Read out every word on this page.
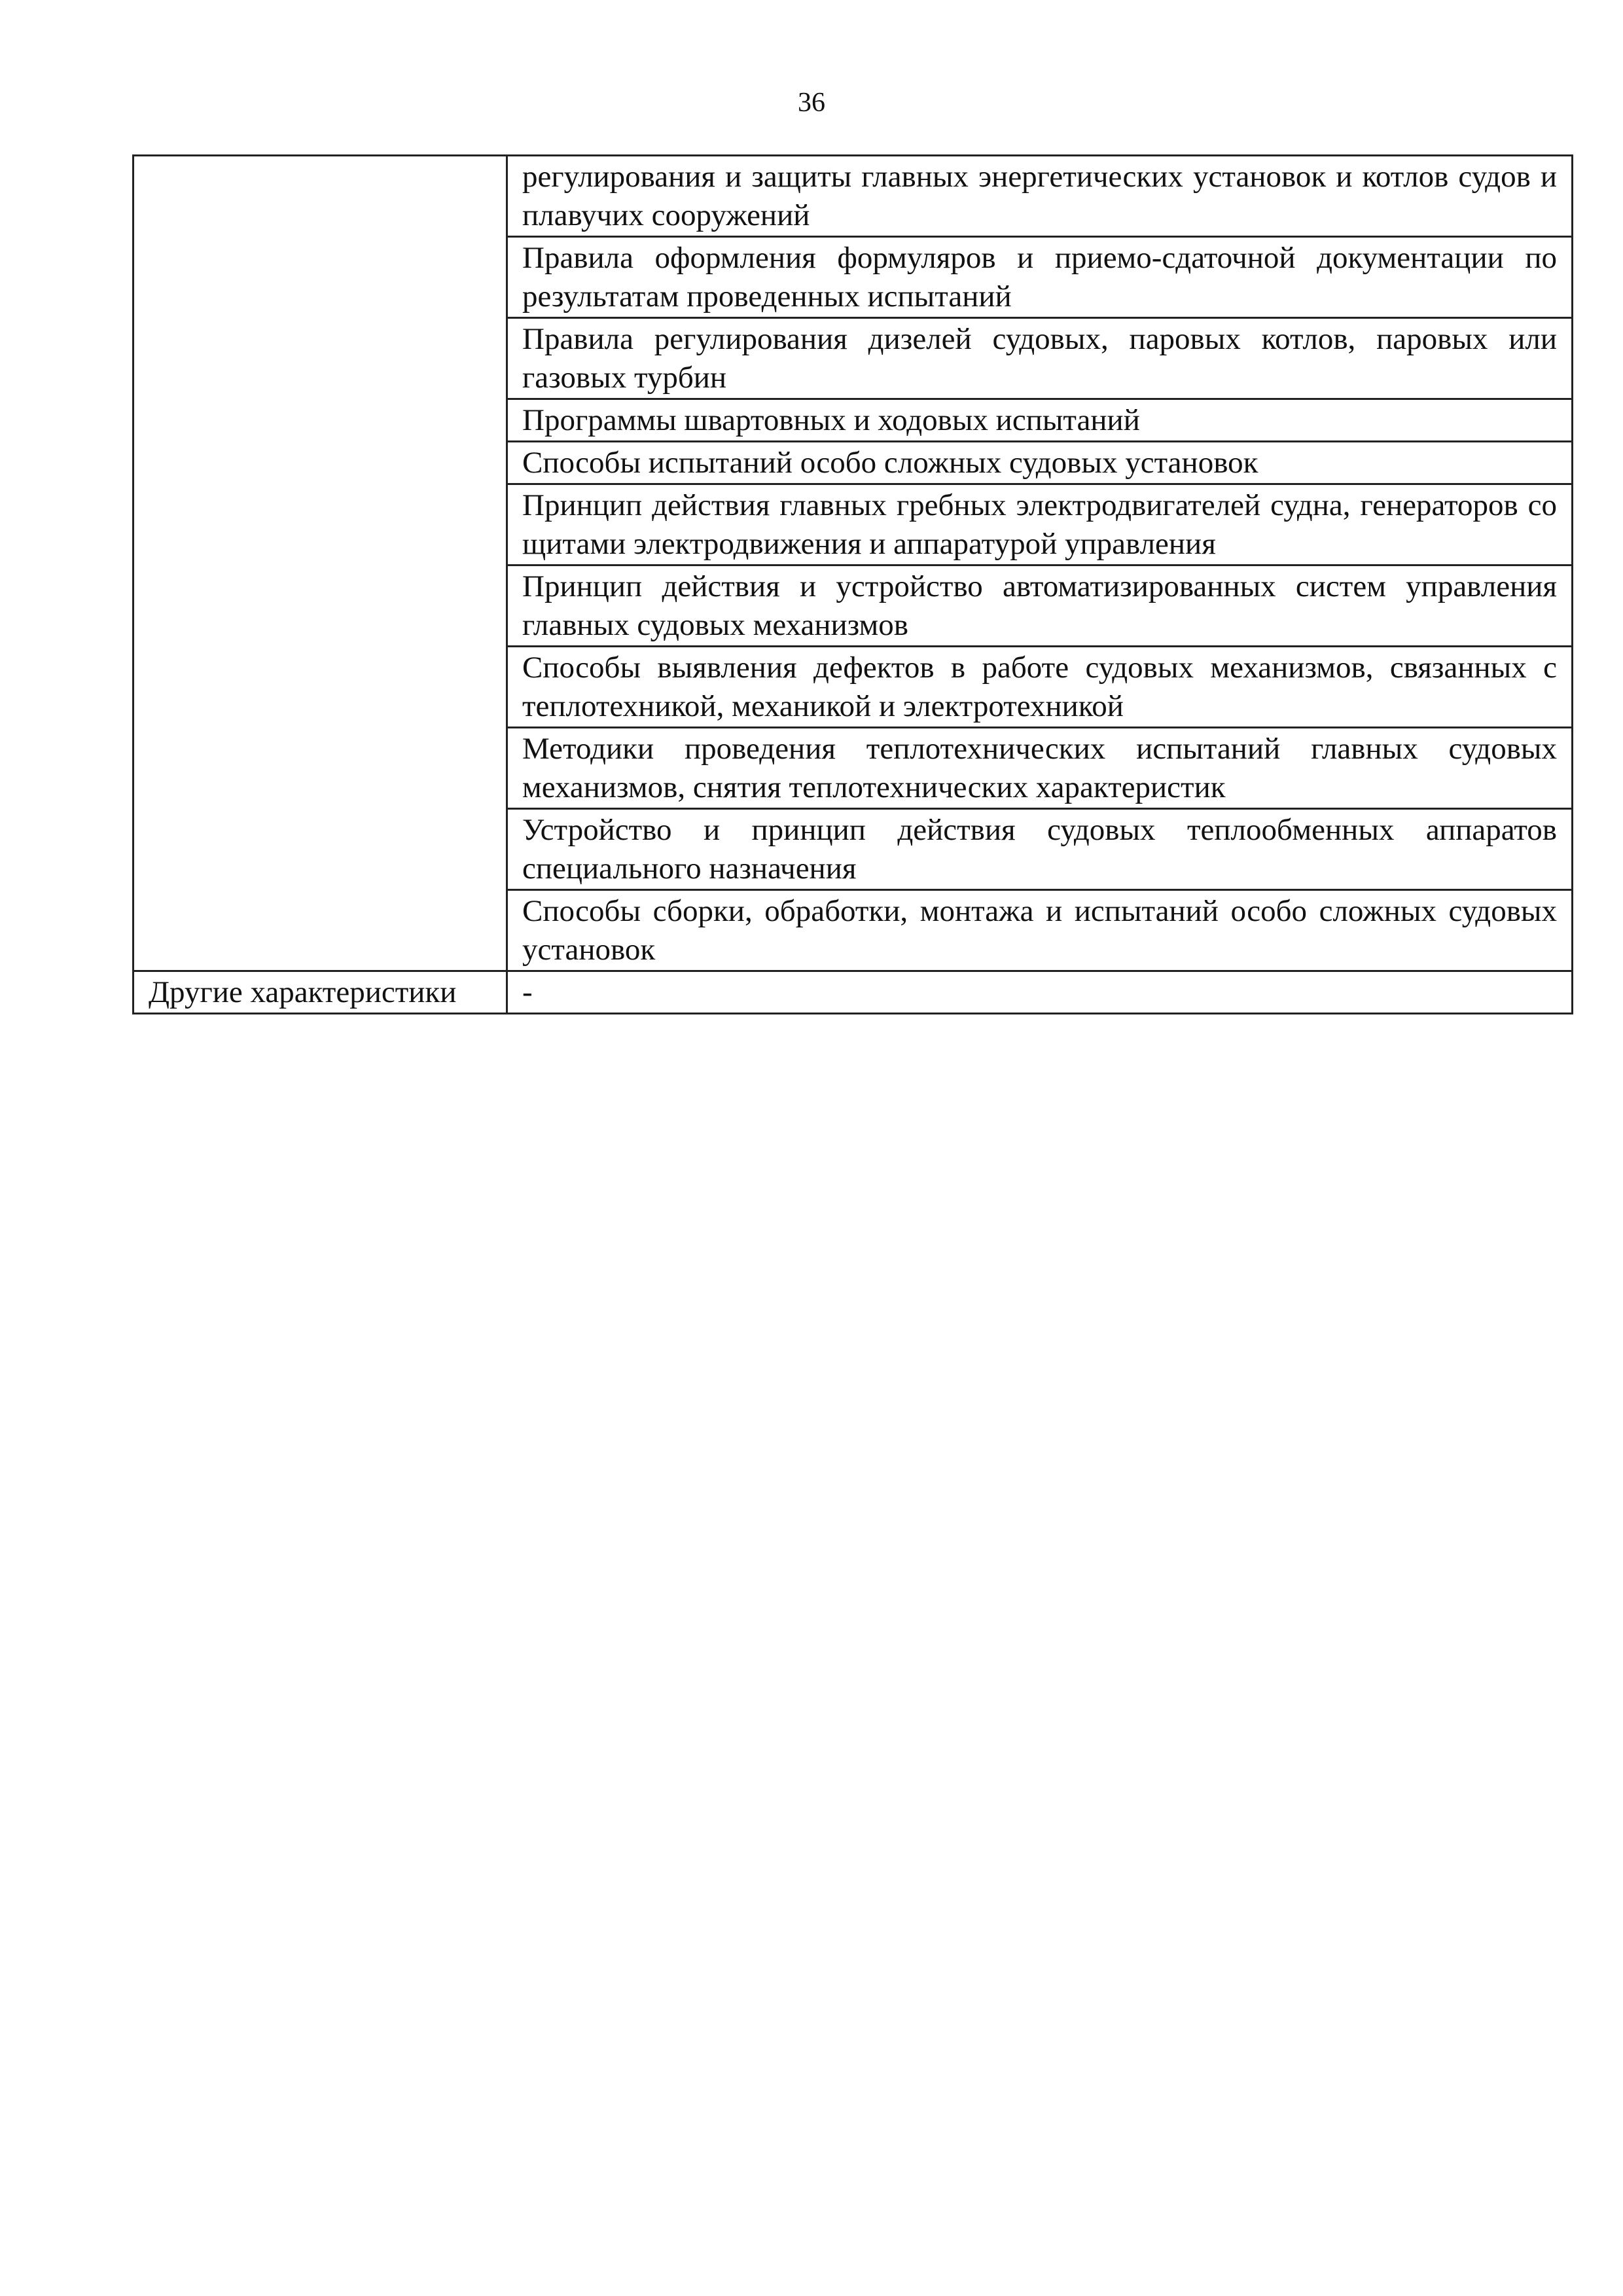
36
	регулирования и защиты главных энергетических установок и котлов судов и плавучих сооружений
	Правила оформления формуляров и приемо-сдаточной документации по результатам проведенных испытаний
	Правила регулирования дизелей судовых, паровых котлов, паровых или газовых турбин
	Программы швартовных и ходовых испытаний
	Способы испытаний особо сложных судовых установок
	Принцип действия главных гребных электродвигателей судна, генераторов со щитами электродвижения и аппаратурой управления
	Принцип действия и устройство автоматизированных систем управления главных судовых механизмов
	Способы выявления дефектов в работе судовых механизмов, связанных с теплотехникой, механикой и электротехникой
	Методики проведения теплотехнических испытаний главных судовых механизмов, снятия теплотехнических характеристик
	Устройство и принцип действия судовых теплообменных аппаратов специального назначения
	Способы сборки, обработки, монтажа и испытаний особо сложных судовых установок
Другие характеристики	-
